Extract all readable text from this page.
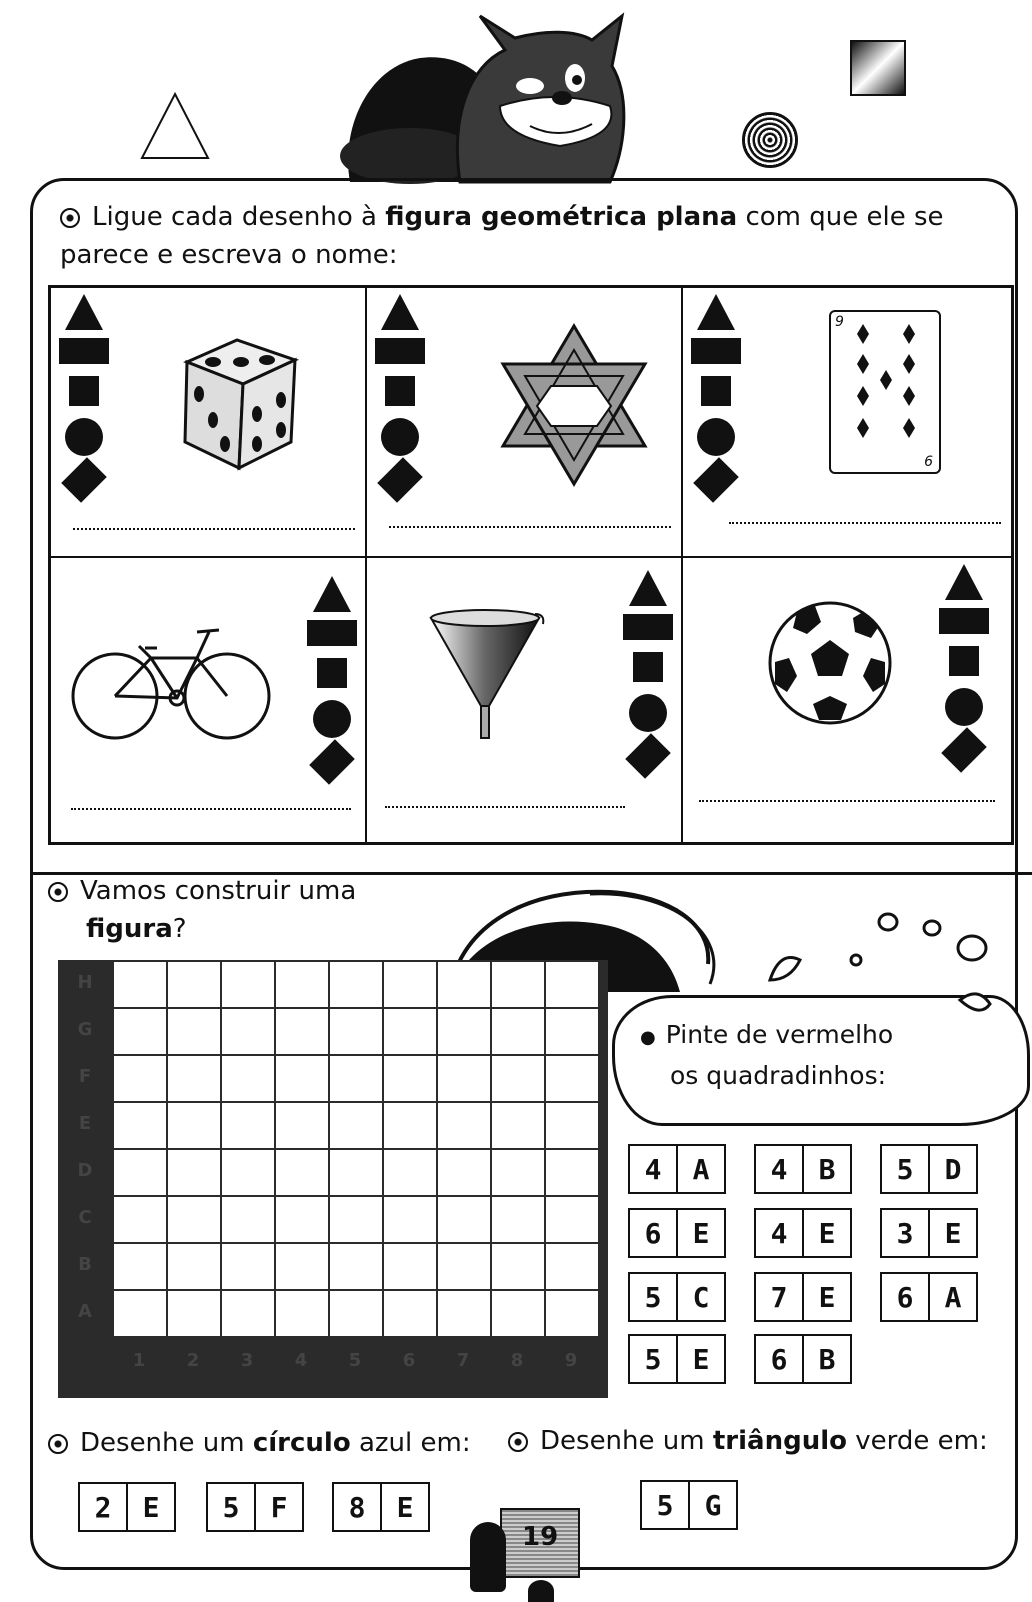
Ligue cada desenho à figura geométrica plana com que ele se parece e escreva o nome:
9
6
Vamos construir uma
figura?
H
G
F
E
D
C
B
A
1	2	3	4	5	6	7	8	9
● Pinte de vermelho
os quadradinhos:
4	A	4	B	5	D
6	E	4	E	3	E
5	C	7	E	6	A
5	E	6	B
Desenhe um círculo azul em:	Desenhe um triângulo verde em:
2	E	5	F	8	E	5	G
19
